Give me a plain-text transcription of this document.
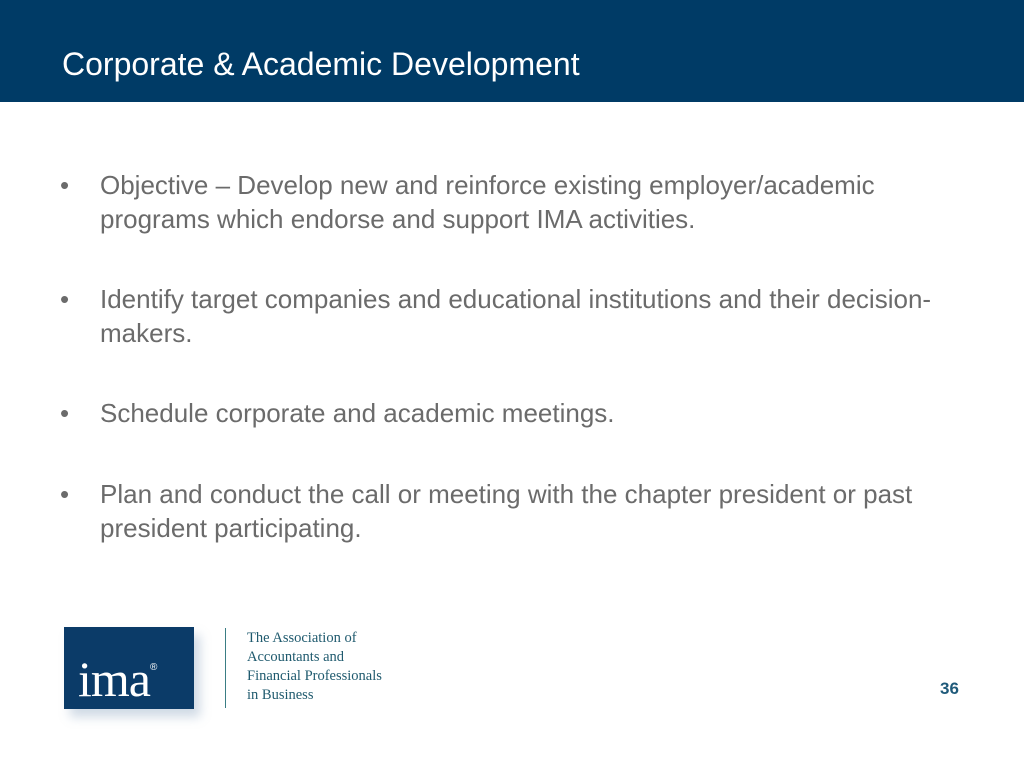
Corporate & Academic Development
• Objective – Develop new and reinforce existing employer/academic programs which endorse and support IMA activities.
• Identify target companies and educational institutions and their decision-makers.
• Schedule corporate and academic meetings.
• Plan and conduct the call or meeting with the chapter president or past president participating.
ima®
The Association of
Accountants and
Financial Professionals
in Business	36
